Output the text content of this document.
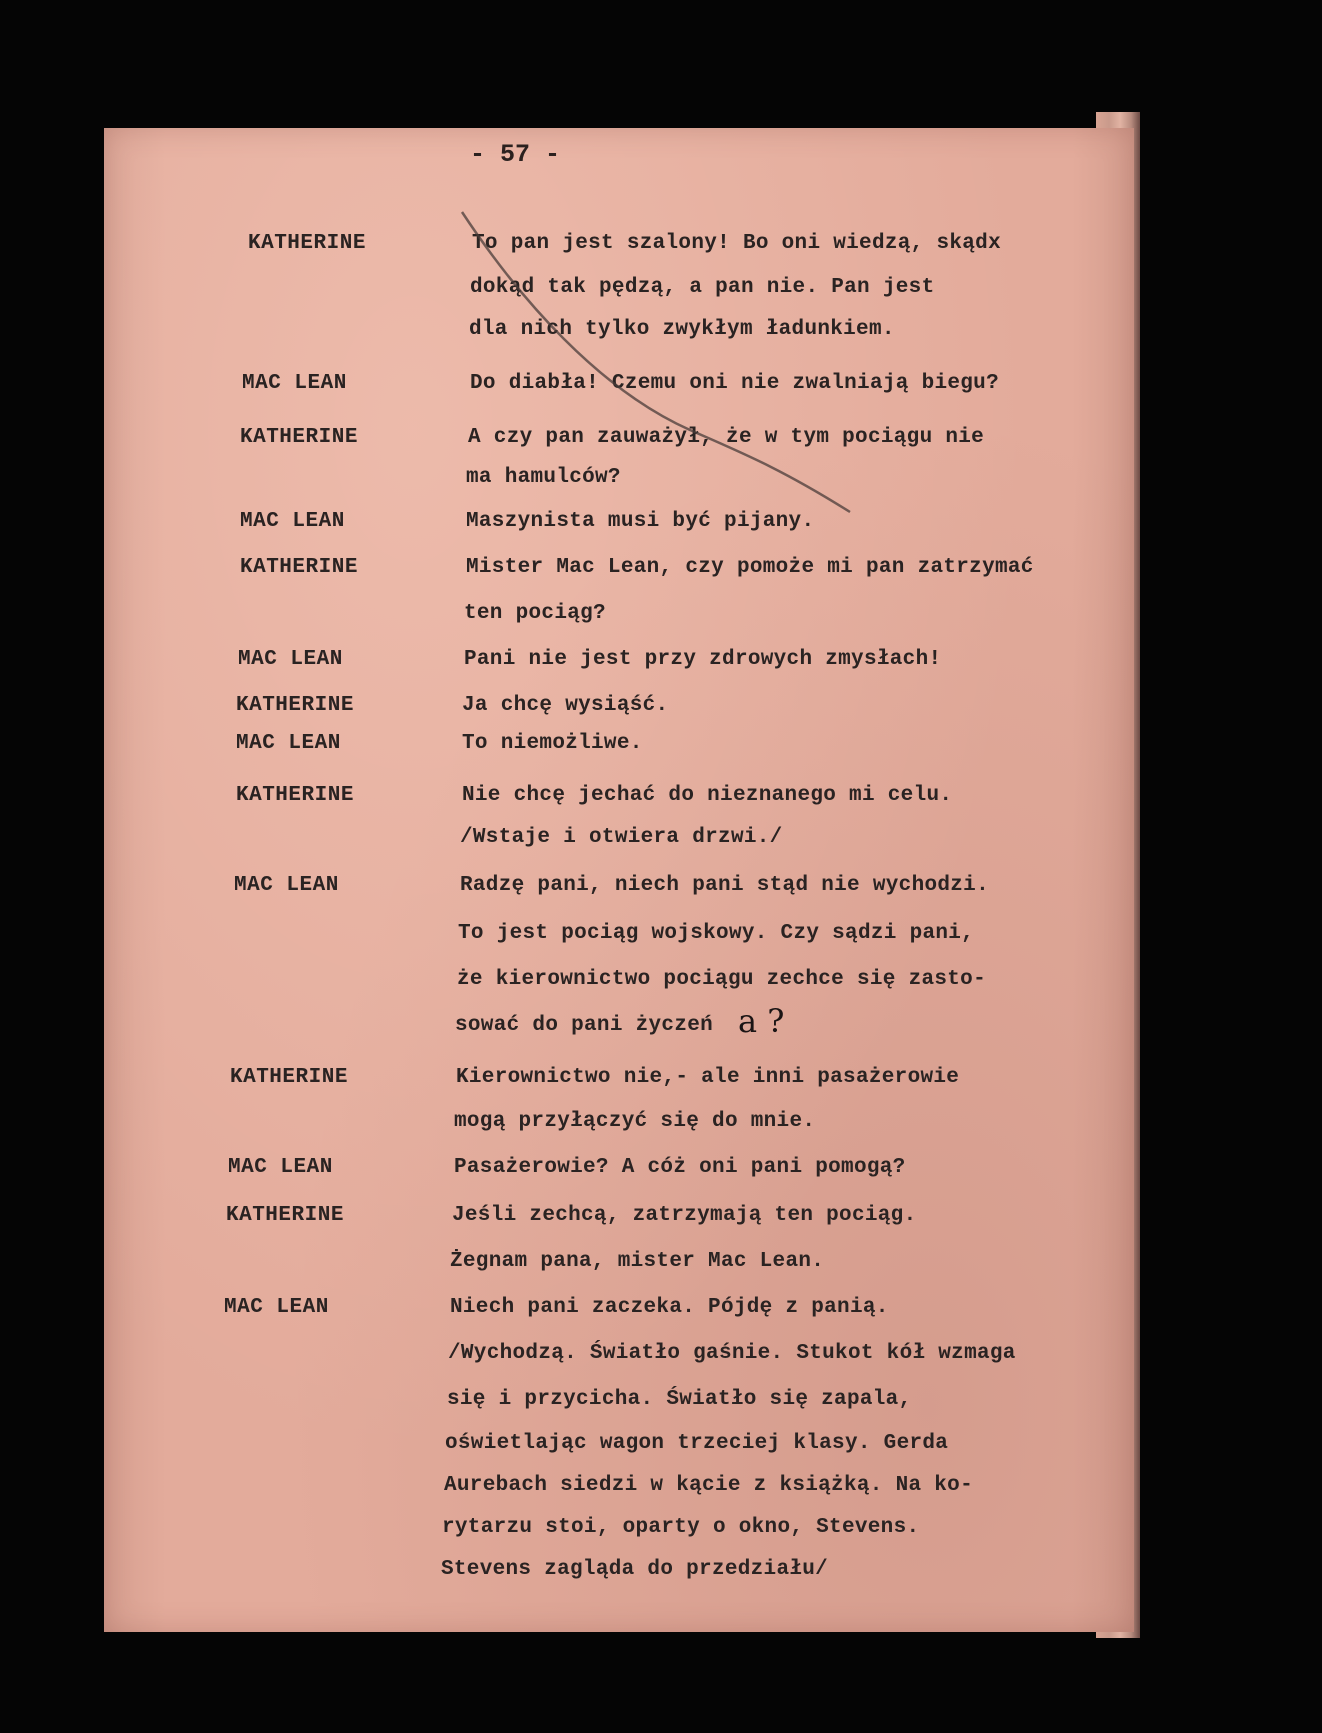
- 57 -
KATHERINE	To pan jest szalony! Bo oni wiedzą, skądx
dokąd tak pędzą, a pan nie. Pan jest
dla nich tylko zwykłym ładunkiem.
MAC LEAN	Do diabła! Czemu oni nie zwalniają biegu?
KATHERINE	A czy pan zauważył, że w tym pociągu nie
ma hamulców?
MAC LEAN	Maszynista musi być pijany.
KATHERINE	Mister Mac Lean, czy pomoże mi pan zatrzymać
ten pociąg?
MAC LEAN	Pani nie jest przy zdrowych zmysłach!
KATHERINE	Ja chcę wysiąść.
MAC LEAN	To niemożliwe.
KATHERINE	Nie chcę jechać do nieznanego mi celu.
/Wstaje i otwiera drzwi./
MAC LEAN	Radzę pani, niech pani stąd nie wychodzi.
To jest pociąg wojskowy. Czy sądzi pani,
że kierownictwo pociągu zechce się zasto-
sować do pani życzeń
KATHERINE	Kierownictwo nie,- ale inni pasażerowie
mogą przyłączyć się do mnie.
MAC LEAN	Pasażerowie? A cóż oni pani pomogą?
KATHERINE	Jeśli zechcą, zatrzymają ten pociąg.
Żegnam pana, mister Mac Lean.
MAC LEAN	Niech pani zaczeka. Pójdę z panią.
/Wychodzą. Światło gaśnie. Stukot kół wzmaga
się i przycicha. Światło się zapala,
oświetlając wagon trzeciej klasy. Gerda
Aurebach siedzi w kącie z książką. Na ko-
rytarzu stoi, oparty o okno, Stevens.
Stevens zagląda do przedziału/
a ?
